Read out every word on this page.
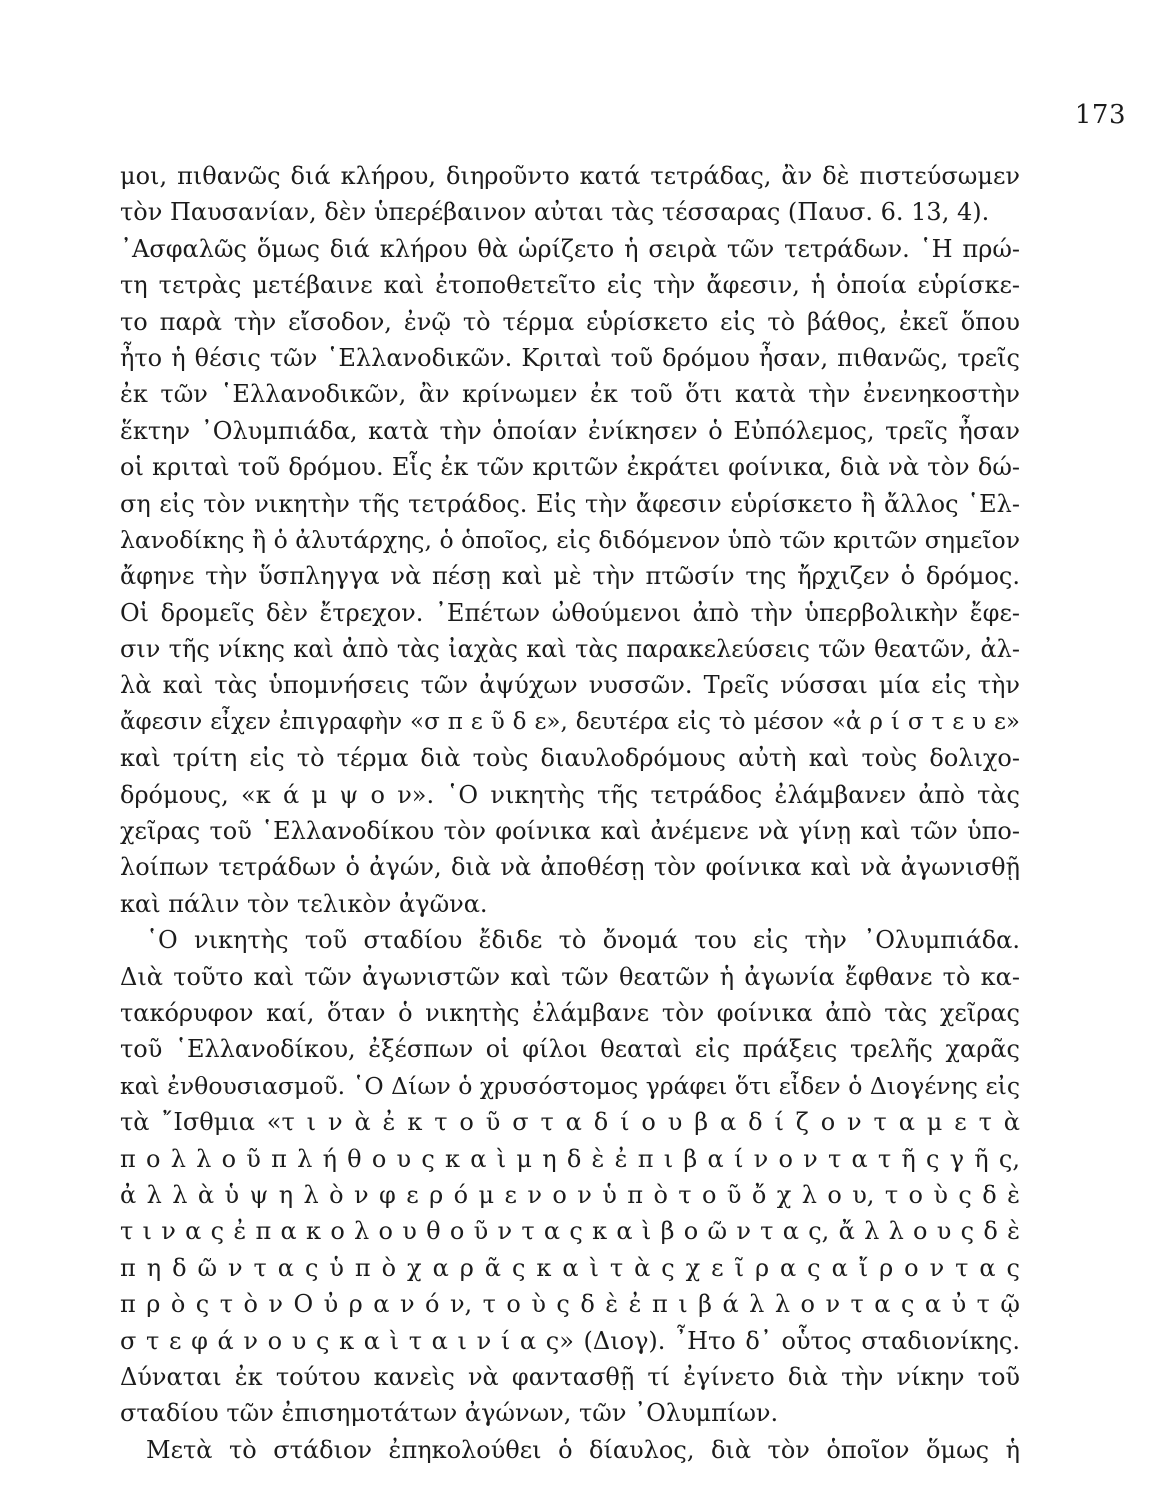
173
μοι, πιθανῶς διά κλήρου, διηροῦντο κατά τετράδας, ἂν δὲ πιστεύσωμεν
τὸν Παυσανίαν, δὲν ὑπερέβαινον αὐται τὰς τέσσαρας (Παυσ. 6. 13, 4).
᾿Ασφαλῶς ὅμως διά κλήρου θὰ ὡρίζετο ἡ σειρὰ τῶν τετράδων. ῾Η πρώ-
τη τετρὰς μετέβαινε καὶ ἐτοποθετεῖτο εἰς τὴν ἄφεσιν, ἡ ὁποία εὑρίσκε-
το παρὰ τὴν εἴσοδον, ἐνῷ τὸ τέρμα εὑρίσκετο εἰς τὸ βάθος, ἐκεῖ ὅπου
ἦτο ἡ θέσις τῶν ῾Ελλανοδικῶν. Κριταὶ τοῦ δρόμου ἦσαν, πιθανῶς, τρεῖς
ἐκ τῶν ῾Ελλανοδικῶν, ἂν κρίνωμεν ἐκ τοῦ ὅτι κατὰ τὴν ἐνενηκοστὴν
ἕκτην ᾿Ολυμπιάδα, κατὰ τὴν ὁποίαν ἐνίκησεν ὁ Εὐπόλεμος, τρεῖς ἦσαν
οἱ κριταὶ τοῦ δρόμου. Εἷς ἐκ τῶν κριτῶν ἐκράτει φοίνικα, διὰ νὰ τὸν δώ-
ση εἰς τὸν νικητὴν τῆς τετράδος. Εἰς τὴν ἄφεσιν εὑρίσκετο ἢ ἄλλος ῾Ελ-
λανοδίκης ἢ ὁ ἀλυτάρχης, ὁ ὁποῖος, εἰς διδόμενον ὑπὸ τῶν κριτῶν σημεῖον
ἄφηνε τὴν ὕσπληγγα νὰ πέσῃ καὶ μὲ τὴν πτῶσίν της ἤρχιζεν ὁ δρόμος.
Οἱ δρομεῖς δὲν ἔτρεχον. ᾿Επέτων ὠθούμενοι ἀπὸ τὴν ὑπερβολικὴν ἔφε-
σιν τῆς νίκης καὶ ἀπὸ τὰς ἰαχὰς καὶ τὰς παρακελεύσεις τῶν θεατῶν, ἀλ-
λὰ καὶ τὰς ὑπομνήσεις τῶν ἀψύχων νυσσῶν. Τρεῖς νύσσαι μία εἰς τὴν
ἄφεσιν εἶχεν ἐπιγραφὴν «σ π ε ῦ δ ε», δευτέρα εἰς τὸ μέσον «ἀ ρ ί σ τ ε υ ε»
καὶ τρίτη εἰς τὸ τέρμα διὰ τοὺς διαυλοδρόμους αὐτὴ καὶ τοὺς δολιχο-
δρόμους, «κ ά μ ψ ο ν». ῾Ο νικητὴς τῆς τετράδος ἐλάμβανεν ἀπὸ τὰς
χεῖρας τοῦ ῾Ελλανοδίκου τὸν φοίνικα καὶ ἀνέμενε νὰ γίνῃ καὶ τῶν ὑπο-
λοίπων τετράδων ὁ ἀγών, διὰ νὰ ἀποθέσῃ τὸν φοίνικα καὶ νὰ ἀγωνισθῇ
καὶ πάλιν τὸν τελικὸν ἀγῶνα.
῾Ο νικητὴς τοῦ σταδίου ἔδιδε τὸ ὄνομά του εἰς τὴν ᾿Ολυμπιάδα.
Διὰ τοῦτο καὶ τῶν ἀγωνιστῶν καὶ τῶν θεατῶν ἡ ἀγωνία ἔφθανε τὸ κα-
τακόρυφον καί, ὅταν ὁ νικητὴς ἐλάμβανε τὸν φοίνικα ἀπὸ τὰς χεῖρας
τοῦ ῾Ελλανοδίκου, ἐξέσπων οἱ φίλοι θεαταὶ εἰς πράξεις τρελῆς χαρᾶς
καὶ ἐνθουσιασμοῦ. ῾Ο Δίων ὁ χρυσόστομος γράφει ὅτι εἶδεν ὁ Διογένης εἰς
τὰ ῎Ισθμια «τ ι ν ὰ ἐ κ τ ο ῦ σ τ α δ ί ο υ β α δ ί ζ ο ν τ α μ ε τ ὰ
π ο λ λ ο ῦ π λ ή θ ο υ ς κ α ὶ μ η δ ὲ ἐ π ι β α ί ν ο ν τ α τ ῆ ς γ ῆ ς,
ἀ λ λ ὰ ὑ ψ η λ ὸ ν φ ε ρ ό μ ε ν ο ν ὑ π ὸ τ ο ῦ ὄ χ λ ο υ, τ ο ὺ ς δ ὲ
τ ι ν α ς ἐ π α κ ο λ ο υ θ ο ῦ ν τ α ς κ α ὶ β ο ῶ ν τ α ς, ἄ λ λ ο υ ς δ ὲ
π η δ ῶ ν τ α ς ὑ π ὸ χ α ρ ᾶ ς κ α ὶ τ ὰ ς χ ε ῖ ρ α ς α ἴ ρ ο ν τ α ς
π ρ ὸ ς τ ὸ ν Ο ὐ ρ α ν ό ν, τ ο ὺ ς δ ὲ ἐ π ι β ά λ λ ο ν τ α ς α ὐ τ ῷ
σ τ ε φ ά ν ο υ ς κ α ὶ τ α ι ν ί α ς» (Διογ). ῏Ητο δ᾿ οὗτος σταδιονίκης.
Δύναται ἐκ τούτου κανεὶς νὰ φαντασθῇ τί ἐγίνετο διὰ τὴν νίκην τοῦ
σταδίου τῶν ἐπισημοτάτων ἀγώνων, τῶν ᾿Ολυμπίων.
Μετὰ τὸ στάδιον ἐπηκολούθει ὁ δίαυλος, διὰ τὸν ὁποῖον ὅμως ἡ
